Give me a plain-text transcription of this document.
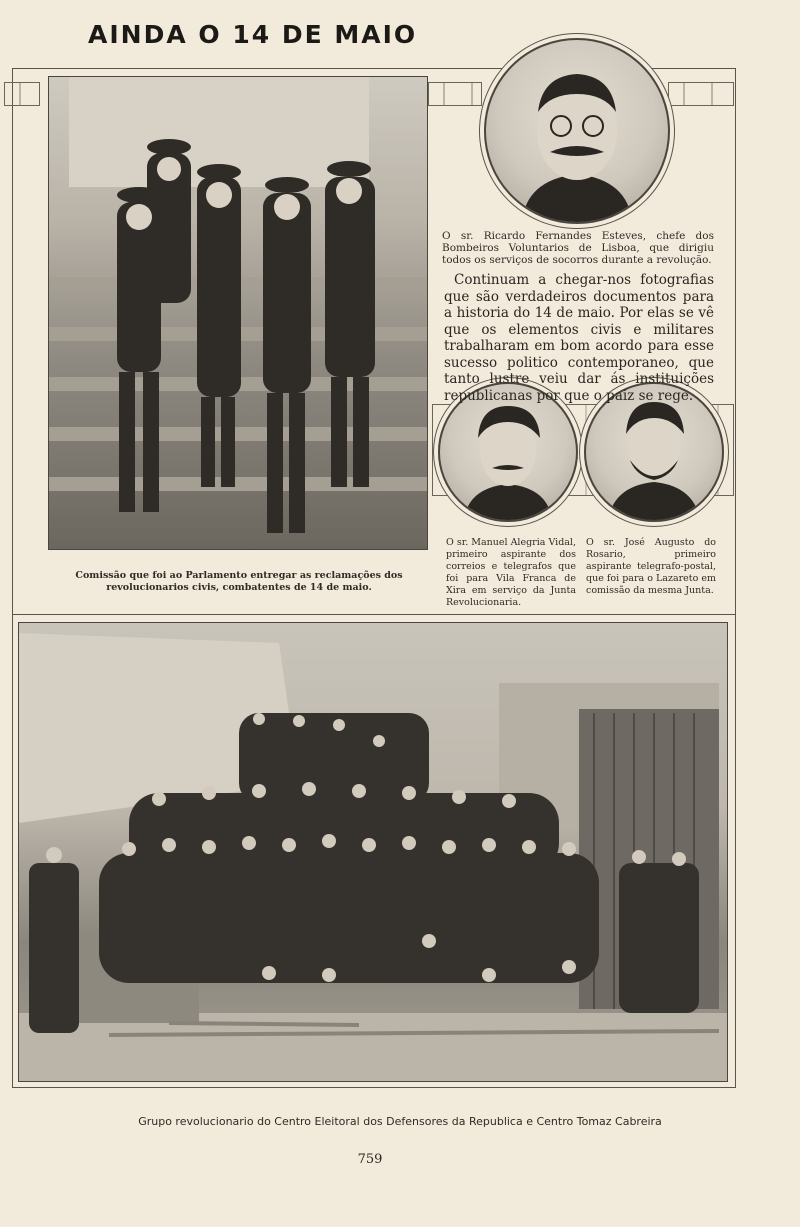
AINDA O 14 DE MAIO
O sr. Ricardo Fernandes Esteves, chefe dos Bombeiros Voluntarios de Lisboa, que dirigiu todos os serviços de socorros durante a revolução.
Continuam a chegar-nos fotografias que são verdadeiros documentos para a historia do 14 de maio. Por elas se vê que os elementos civis e militares trabalharam em bom acordo para esse sucesso politico contemporaneo, que tanto lustre veiu dar ás instituições republicanas por que o paiz se rege.
Comissão que foi ao Parlamento entregar as reclamações dos revolucionarios civis, combatentes de 14 de maio.
O sr. Manuel Alegria Vidal, primeiro aspirante dos correios e telegrafos que foi para Vila Franca de Xira em serviço da Junta Revolucionaria.
O sr. José Augusto do Rosario, primeiro aspirante telegrafo-postal, que foi para o Lazareto em comissão da mesma Junta.
Grupo revolucionario do Centro Eleitoral dos Defensores da Republica e Centro Tomaz Cabreira
759
